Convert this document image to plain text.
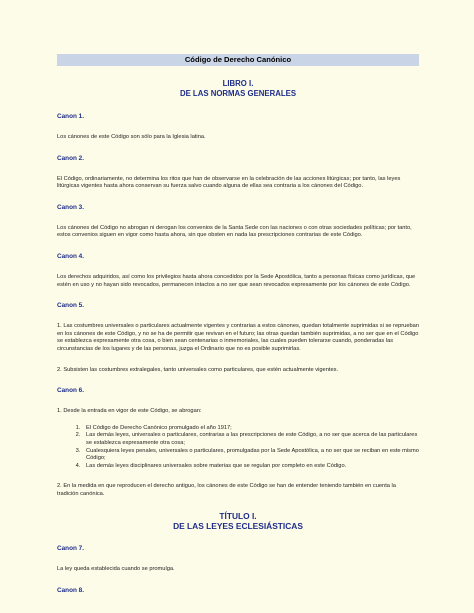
Código de Derecho Canónico
LIBRO I.
DE LAS NORMAS GENERALES
Canon 1.

Los cánones de este Código son sólo para la Iglesia latina.

Canon 2.

El Código, ordinariamente, no determina los ritos que han de observarse en la celebración de las acciones litúrgicas; por tanto, las leyes litúrgicas vigentes hasta ahora conservan su fuerza salvo cuando alguna de ellas sea contraria a los cánones del Código.

Canon 3.

Los cánones del Código no abrogan ni derogan los convenios de la Santa Sede con las naciones o con otras sociedades políticas; por tanto, estos convenios siguen en vigor como hasta ahora, sin que obsten en nada las prescripciones contrarias de este Código.

Canon 4.

Los derechos adquiridos, así como los privilegios hasta ahora concedidos por la Sede Apostólica, tanto a personas físicas como jurídicas, que estén en uso y no hayan sido revocados, permanecen intactos a no ser que sean revocados expresamente por los cánones de este Código.

Canon 5.

1. Las costumbres universales o particulares actualmente vigentes y contrarias a estos cánones, quedan totalmente suprimidas si se reprueban en los cánones de este Código, y no se ha de permitir que revivan en el futuro; las otras quedan también suprimidas, a no ser que en el Código se establezca expresamente otra cosa, o bien sean centenarias o inmemoriales, las cuales pueden tolerarse cuando, ponderadas las circunstancias de los lugares y de las personas, juzga el Ordinario que no es posible suprimirlas.

2. Subsisten las costumbres extralegales, tanto universales como particulares, que estén actualmente vigentes.

Canon 6.

1. Desde la entrada en vigor de este Código, se abrogan:

1. El Código de Derecho Canónico promulgado el año 1917;
2. Las demás leyes, universales o particulares, contrarias a las prescripciones de este Código, a no ser que acerca de las particulares se establezca expresamente otra cosa;
3. Cualesquiera leyes penales, universales o particulares, promulgadas por la Sede Apostólica, a no ser que se reciban en este mismo Código;
4. Las demás leyes disciplinares universales sobre materias que se regulan por completo en este Código.

2. En la medida en que reproducen el derecho antiguo, los cánones de este Código se han de entender teniendo también en cuenta la tradición canónica.

TÍTULO I.
DE LAS LEYES ECLESIÁSTICAS
Canon 7.

La ley queda establecida cuando se promulga.

Canon 8.
